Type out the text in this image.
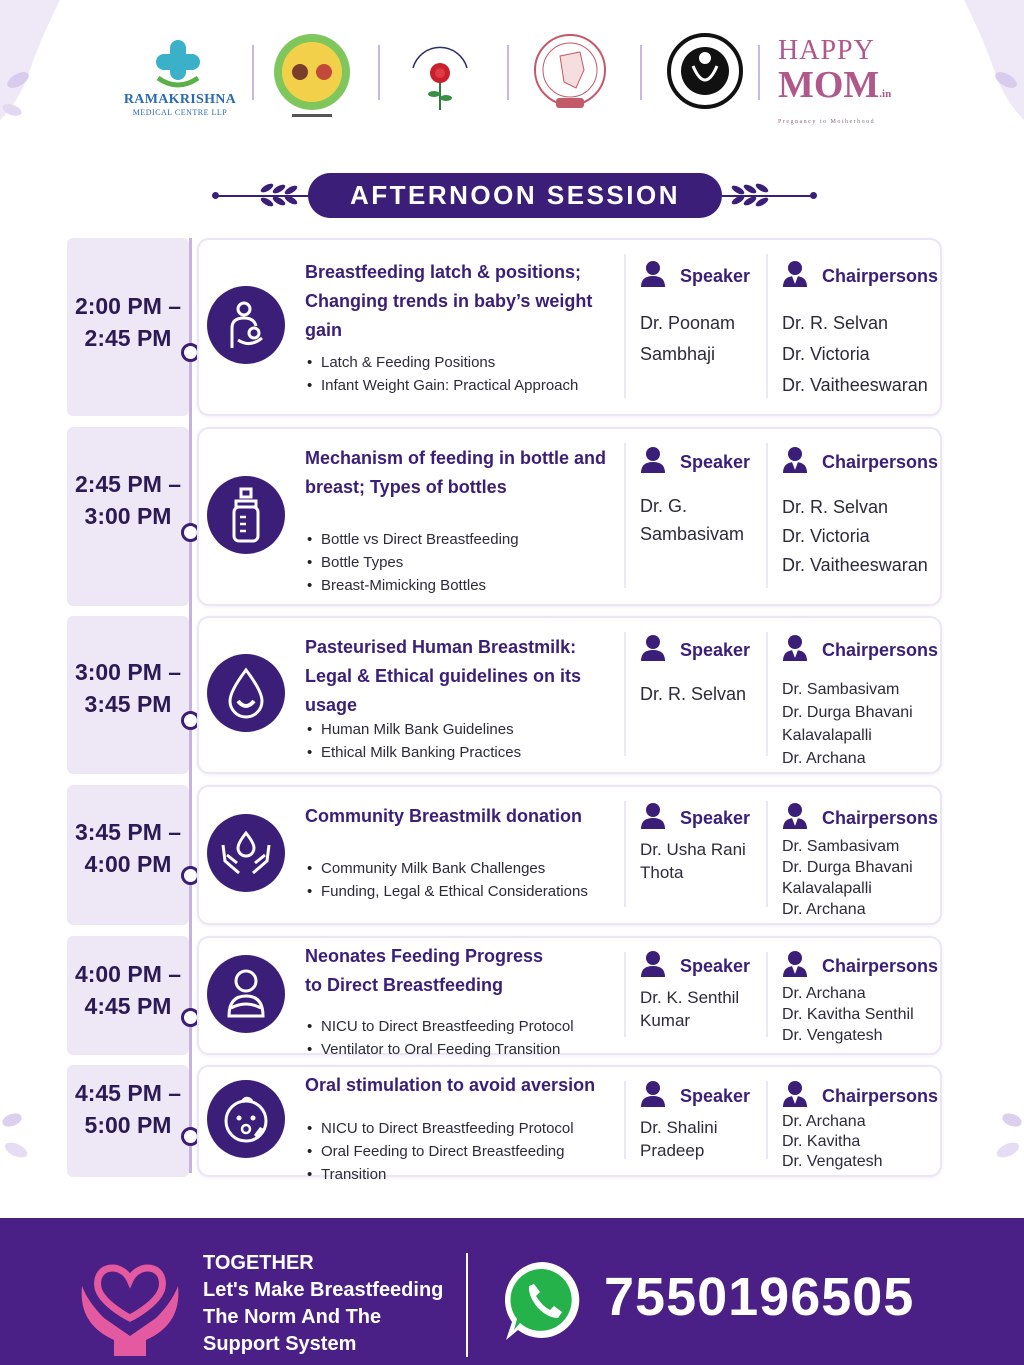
RAMAKRISHNA
MEDICAL CENTRE LLP
HAPPY
MOM.in
Pregnancy to Motherhood
AFTERNOON SESSION
2:00 PM –
2:45 PM
Breastfeeding latch & positions;
Changing trends in baby’s weight gain
• Latch & Feeding Positions
• Infant Weight Gain: Practical Approach
Speaker
Dr. Poonam
Sambhaji
Chairpersons
Dr. R. Selvan
Dr. Victoria
Dr. Vaitheeswaran
2:45 PM –
3:00 PM
Mechanism of feeding in bottle and
breast; Types of bottles
• Bottle vs Direct Breastfeeding
• Bottle Types
• Breast-Mimicking Bottles
Speaker
Dr. G.
Sambasivam
Chairpersons
Dr. R. Selvan
Dr. Victoria
Dr. Vaitheeswaran
3:00 PM –
3:45 PM
Pasteurised Human Breastmilk:
Legal & Ethical guidelines on its usage
• Human Milk Bank Guidelines
• Ethical Milk Banking Practices
Speaker
Dr. R. Selvan
Chairpersons
Dr. Sambasivam
Dr. Durga Bhavani
Kalavalapalli
Dr. Archana
3:45 PM –
4:00 PM
Community Breastmilk donation
• Community Milk Bank Challenges
• Funding, Legal & Ethical Considerations
Speaker
Dr. Usha Rani
Thota
Chairpersons
Dr. Sambasivam
Dr. Durga Bhavani
Kalavalapalli
Dr. Archana
4:00 PM –
4:45 PM
Neonates Feeding Progress
to Direct Breastfeeding
• NICU to Direct Breastfeeding Protocol
• Ventilator to Oral Feeding Transition
Speaker
Dr. K. Senthil
Kumar
Chairpersons
Dr. Archana
Dr. Kavitha Senthil
Dr. Vengatesh
4:45 PM –
5:00 PM
Oral stimulation to avoid aversion
• NICU to Direct Breastfeeding Protocol
• Oral Feeding to Direct Breastfeeding
• Transition
Speaker
Dr. Shalini
Pradeep
Chairpersons
Dr. Archana
Dr. Kavitha
Dr. Vengatesh
TOGETHER
Let's Make Breastfeeding
The Norm And The
Support System
7550196505
